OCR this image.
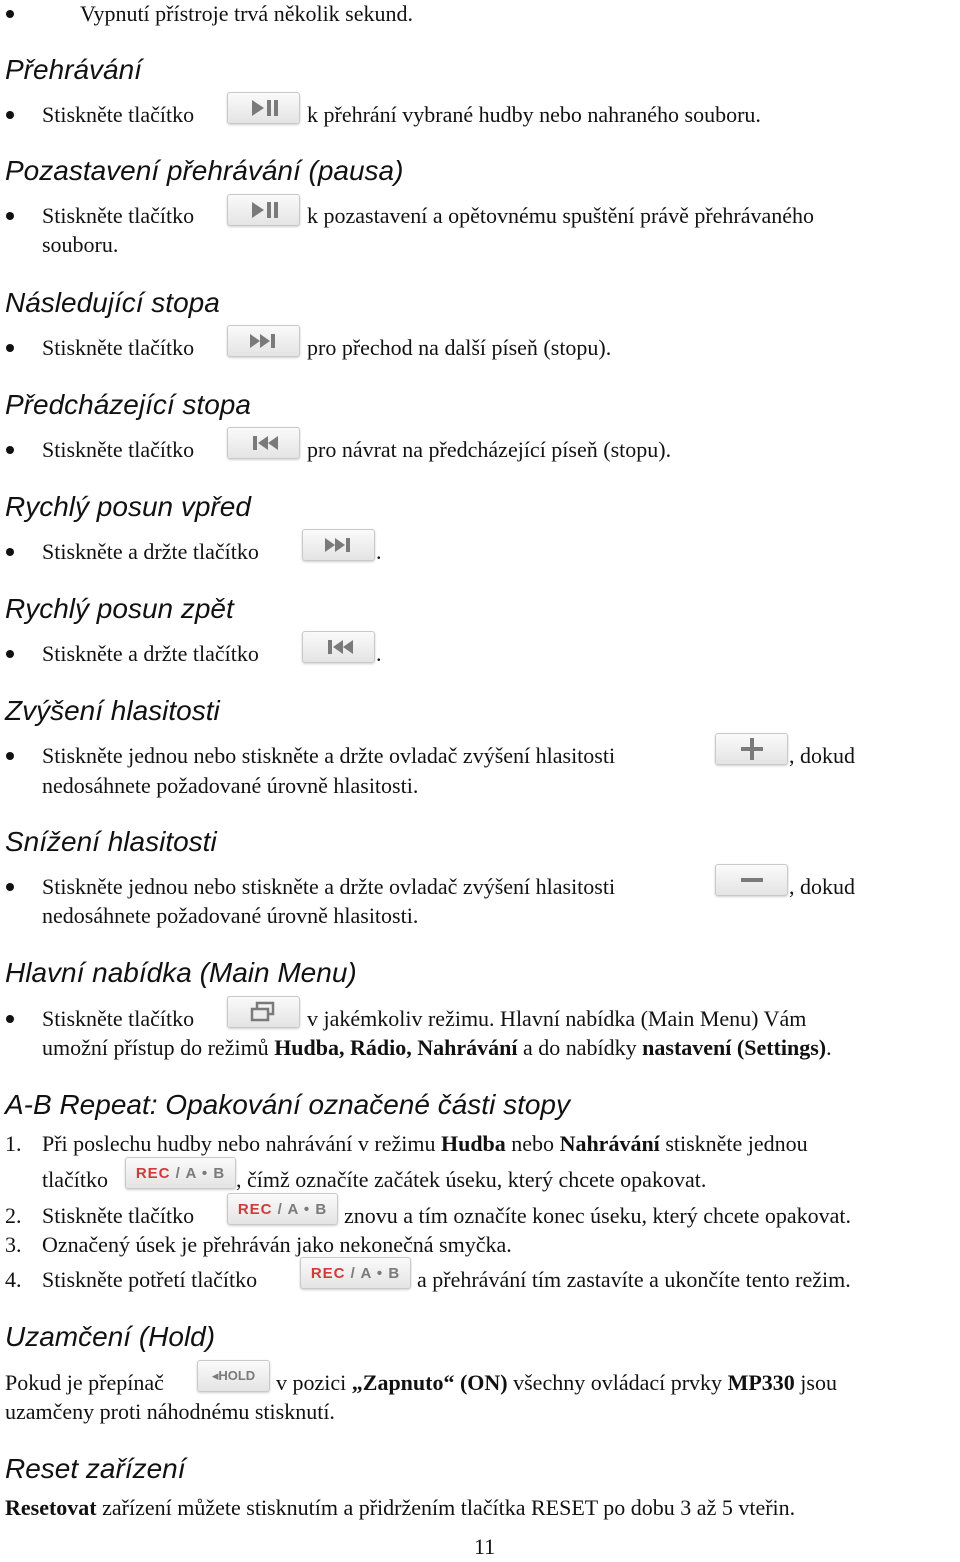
Vypnutí přístroje trvá několik sekund.
Přehrávání
Stiskněte tlačítko	k přehrání vybrané hudby nebo nahraného souboru.
Pozastavení přehrávání (pausa)
Stiskněte tlačítko	k pozastavení a opětovnému spuštění právě přehrávaného
souboru.
Následující stopa
Stiskněte tlačítko	pro přechod na další píseň (stopu).
Předcházející stopa
Stiskněte tlačítko	pro návrat na předcházející píseň (stopu).
Rychlý posun vpřed
Stiskněte a držte tlačítko	.
Rychlý posun zpět
Stiskněte a držte tlačítko	.
Zvýšení hlasitosti
Stiskněte jednou nebo stiskněte a držte ovladač zvýšení hlasitosti	, dokud
nedosáhnete požadované úrovně hlasitosti.
Snížení hlasitosti
Stiskněte jednou nebo stiskněte a držte ovladač zvýšení hlasitosti	, dokud
nedosáhnete požadované úrovně hlasitosti.
Hlavní nabídka (Main Menu)
Stiskněte tlačítko	v jakémkoliv režimu. Hlavní nabídka (Main Menu) Vám
umožní přístup do režimů Hudba, Rádio, Nahrávání a do nabídky nastavení (Settings).
A-B Repeat: Opakování označené části stopy
1. Při poslechu hudby nebo nahrávání v režimu Hudba nebo Nahrávání stiskněte jednou
tlačítko REC / A • B , čímž označíte začátek úseku, který chcete opakovat.
2. Stiskněte tlačítko	REC / A • B znovu a tím označíte konec úseku, který chcete opakovat.
3. Označený úsek je přehráván jako nekonečná smyčka.
4. Stiskněte potřetí tlačítko	REC / A • B a přehrávání tím zastavíte a ukončíte tento režim.
Uzamčení (Hold)
Pokud je přepínač	◂HOLD v pozici „Zapnuto“ (ON) všechny ovládací prvky MP330 jsou
uzamčeny proti náhodnému stisknutí.
Reset zařízení
Resetovat zařízení můžete stisknutím a přidržením tlačítka RESET po dobu 3 až 5 vteřin.
11
